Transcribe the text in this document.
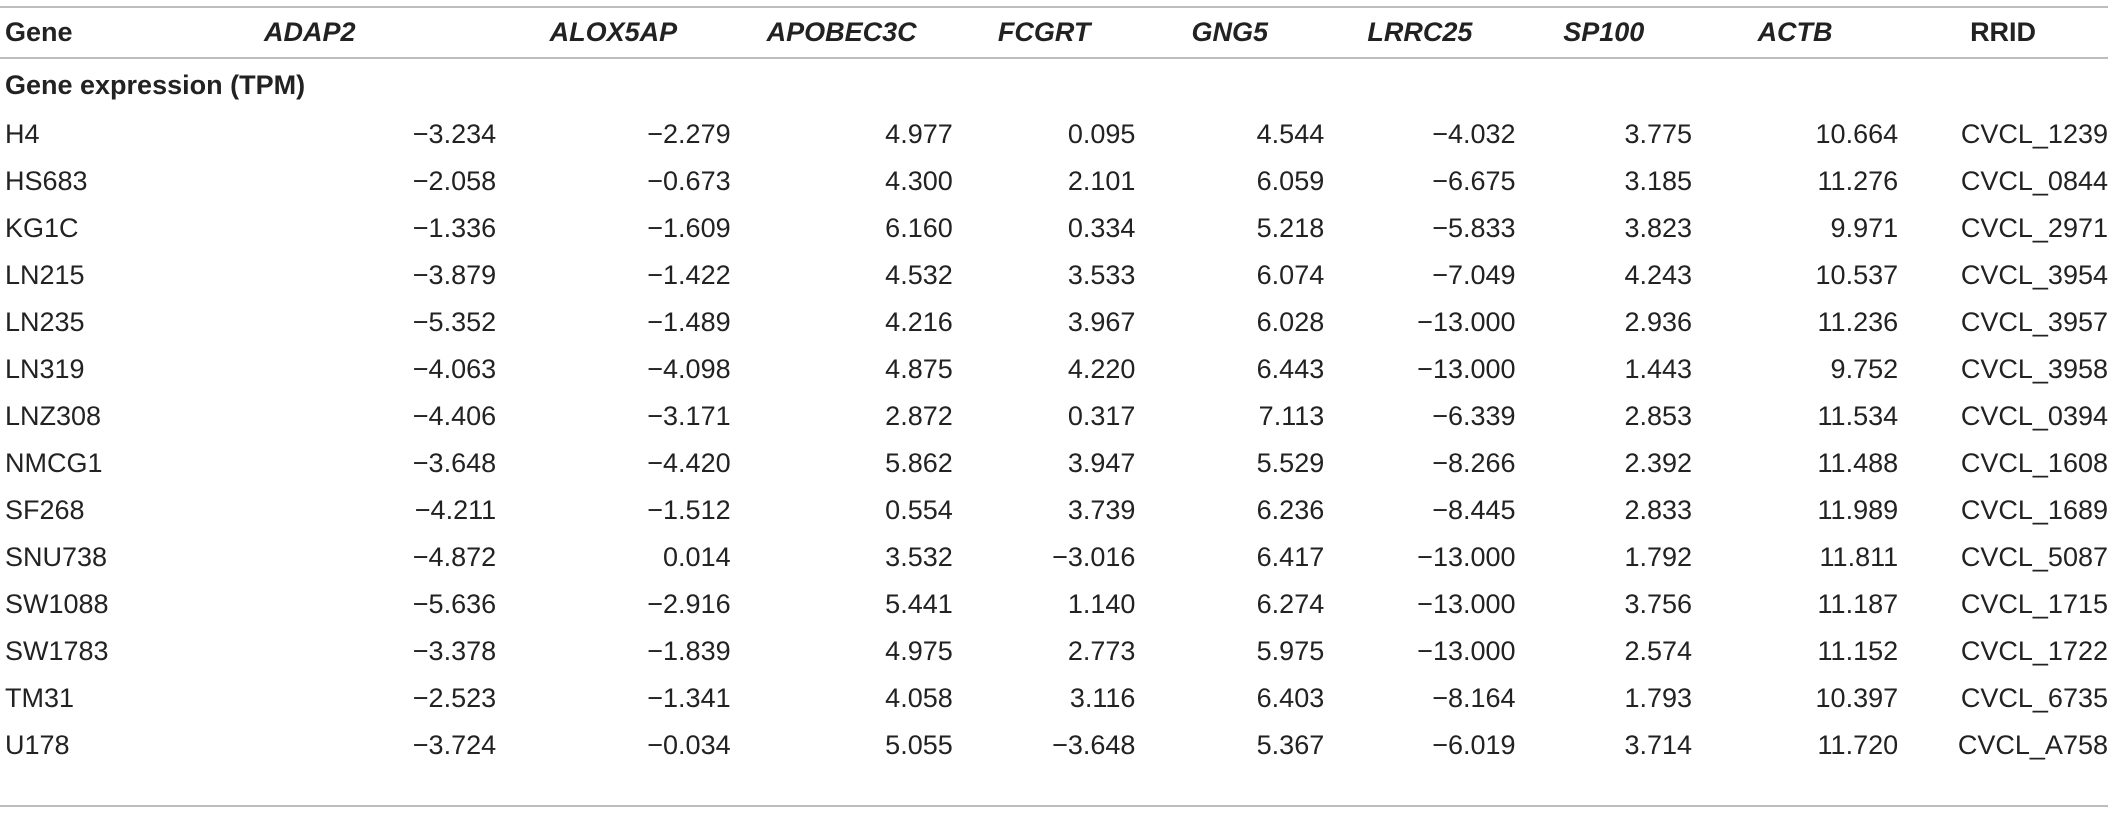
Gene	ADAP2	ALOX5AP	APOBEC3C	FCGRT	GNG5	LRRC25	SP100	ACTB	RRID
Gene expression (TPM)									
H4	−3.234	−2.279	4.977	0.095	4.544	−4.032	3.775	10.664	CVCL_1239
HS683	−2.058	−0.673	4.300	2.101	6.059	−6.675	3.185	11.276	CVCL_0844
KG1C	−1.336	−1.609	6.160	0.334	5.218	−5.833	3.823	9.971	CVCL_2971
LN215	−3.879	−1.422	4.532	3.533	6.074	−7.049	4.243	10.537	CVCL_3954
LN235	−5.352	−1.489	4.216	3.967	6.028	−13.000	2.936	11.236	CVCL_3957
LN319	−4.063	−4.098	4.875	4.220	6.443	−13.000	1.443	9.752	CVCL_3958
LNZ308	−4.406	−3.171	2.872	0.317	7.113	−6.339	2.853	11.534	CVCL_0394
NMCG1	−3.648	−4.420	5.862	3.947	5.529	−8.266	2.392	11.488	CVCL_1608
SF268	−4.211	−1.512	0.554	3.739	6.236	−8.445	2.833	11.989	CVCL_1689
SNU738	−4.872	0.014	3.532	−3.016	6.417	−13.000	1.792	11.811	CVCL_5087
SW1088	−5.636	−2.916	5.441	1.140	6.274	−13.000	3.756	11.187	CVCL_1715
SW1783	−3.378	−1.839	4.975	2.773	5.975	−13.000	2.574	11.152	CVCL_1722
TM31	−2.523	−1.341	4.058	3.116	6.403	−8.164	1.793	10.397	CVCL_6735
U178	−3.724	−0.034	5.055	−3.648	5.367	−6.019	3.714	11.720	CVCL_A758
